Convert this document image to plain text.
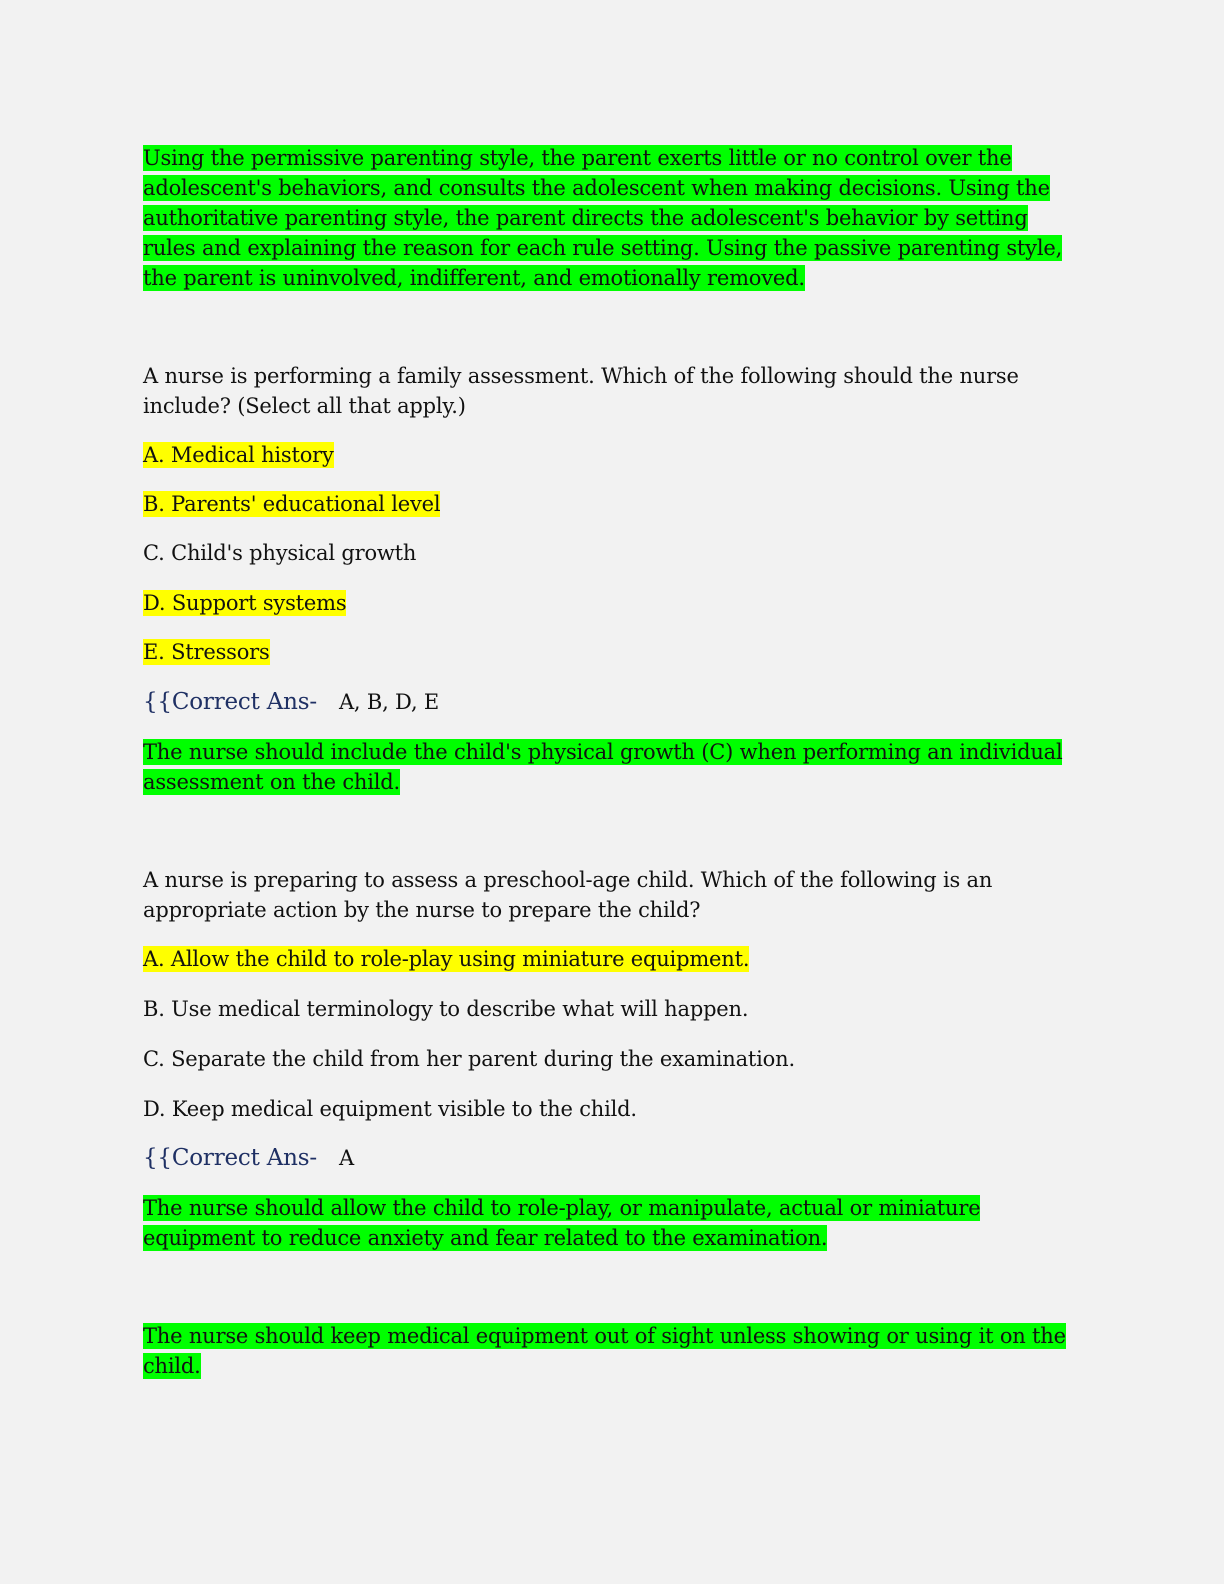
Using the permissive parenting style, the parent exerts little or no control over the adolescent's behaviors, and consults the adolescent when making decisions. Using the authoritative parenting style, the parent directs the adolescent's behavior by setting rules and explaining the reason for each rule setting. Using the passive parenting style, the parent is uninvolved, indifferent, and emotionally removed.

A nurse is performing a family assessment. Which of the following should the nurse include? (Select all that apply.)

A. Medical history

B. Parents' educational level

C. Child's physical growth

D. Support systems

E. Stressors

{{Correct Ans- A, B, D, E

The nurse should include the child's physical growth (C) when performing an individual assessment on the child.

A nurse is preparing to assess a preschool-age child. Which of the following is an appropriate action by the nurse to prepare the child?

A. Allow the child to role-play using miniature equipment.

B. Use medical terminology to describe what will happen.

C. Separate the child from her parent during the examination.

D. Keep medical equipment visible to the child.

{{Correct Ans- A

The nurse should allow the child to role-play, or manipulate, actual or miniature equipment to reduce anxiety and fear related to the examination.

The nurse should keep medical equipment out of sight unless showing or using it on the child.
